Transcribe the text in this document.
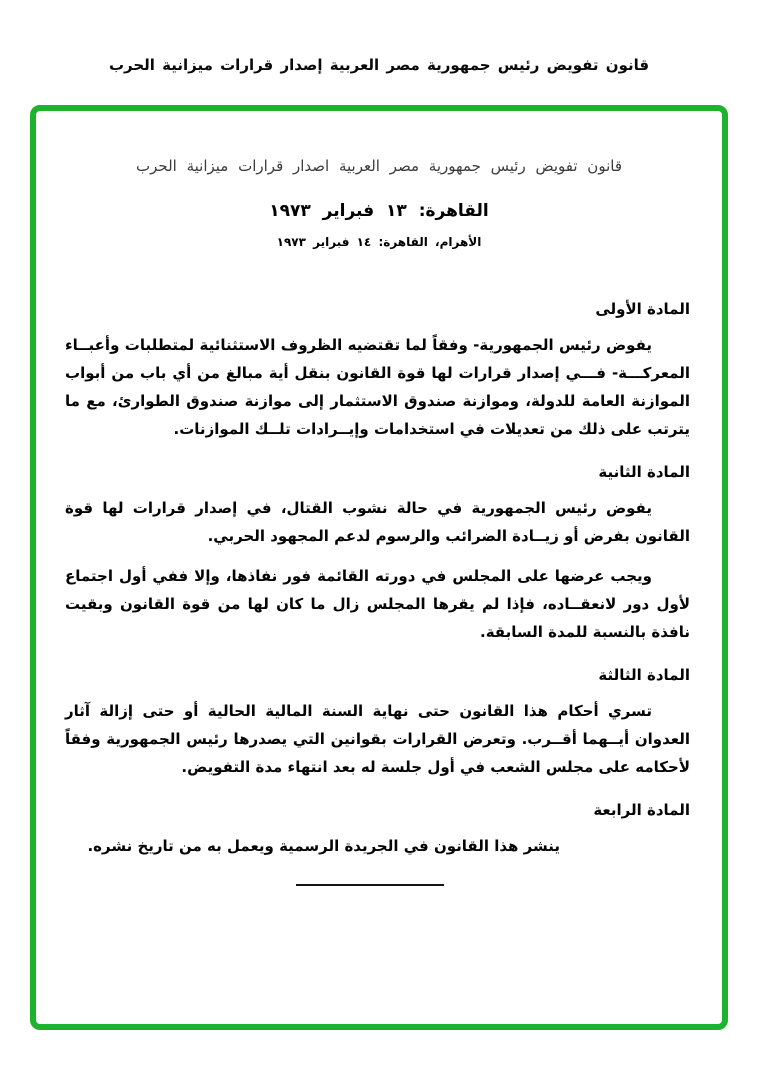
قانون تفويض رئيس جمهورية مصر العربية إصدار قرارات ميزانية الحرب
قانون تفويض رئيس جمهورية مصر العربية اصدار قرارات ميزانية الحرب
القاهرة: ١٣ فبراير ١٩٧٣
الأهرام، القاهرة: ١٤ فبراير ١٩٧٣
المادة الأولى

يفوض رئيس الجمهورية- وفقاً لما تقتضيه الظروف الاستثنائية لمتطلبات وأعبــاء المعركـــة- فـــي إصدار قرارات لها قوة القانون بنقل أية مبالغ من أي باب من أبواب الموازنة العامة للدولة، وموازنة صندوق الاستثمار إلى موازنة صندوق الطوارئ، مع ما يترتب على ذلك من تعديلات في استخدامات وإيــرادات تلــك الموازنات.

المادة الثانية

يفوض رئيس الجمهورية في حالة نشوب القتال، في إصدار قرارات لها قوة القانون بفرض أو زيــادة الضرائب والرسوم لدعم المجهود الحربي.

ويجب عرضها على المجلس في دورته القائمة فور نفاذها، وإلا ففي أول اجتماع لأول دور لانعقــاده، فإذا لم يقرها المجلس زال ما كان لها من قوة القانون وبقيت نافذة بالنسبة للمدة السابقة.

المادة الثالثة

تسري أحكام هذا القانون حتى نهاية السنة المالية الحالية أو حتى إزالة آثار العدوان أيــهما أقــرب. وتعرض القرارات بقوانين التي يصدرها رئيس الجمهورية وفقاً لأحكامه على مجلس الشعب في أول جلسة له بعد انتهاء مدة التفويض.

المادة الرابعة

ينشر هذا القانون في الجريدة الرسمية ويعمل به من تاريخ نشره.
